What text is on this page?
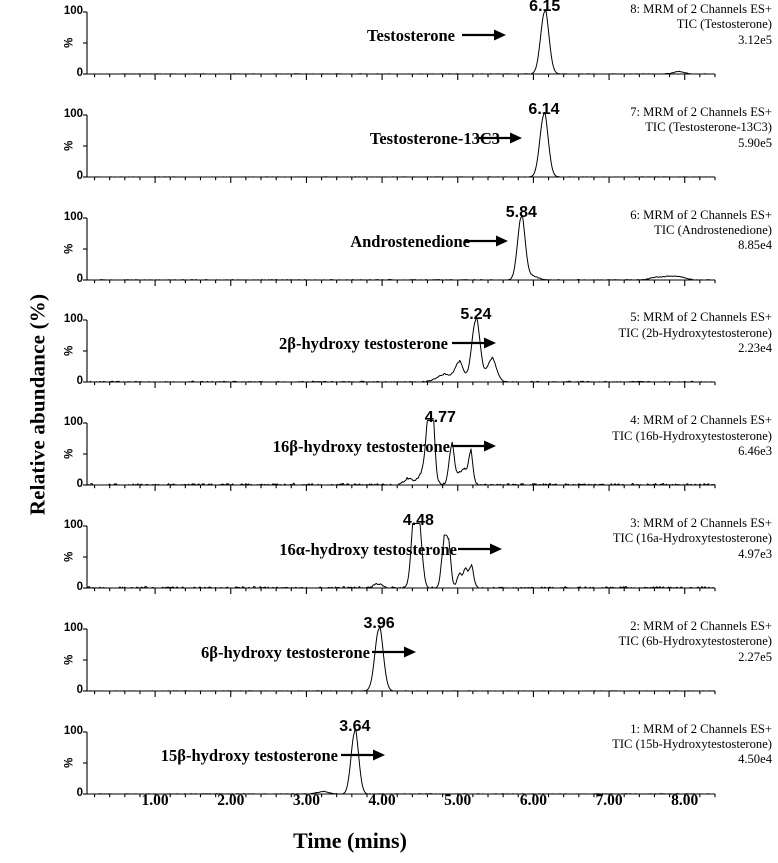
Relative abundance (%)
Time (mins)
100
0
%	Testosterone
6.15	8: MRM of 2 Channels ES+
TIC (Testosterone)
3.12e5
100
0
%	Testosterone-13C3
6.14	7: MRM of 2 Channels ES+
TIC (Testosterone-13C3)
5.90e5
100
0
%	Androstenedione
5.84	6: MRM of 2 Channels ES+
TIC (Androstenedione)
8.85e4
100
0
%	2β-hydroxy testosterone
5.24	5: MRM of 2 Channels ES+
TIC (2b-Hydroxytestosterone)
2.23e4
100
0
%	16β-hydroxy testosterone
4.77	4: MRM of 2 Channels ES+
TIC (16b-Hydroxytestosterone)
6.46e3
100
0
%	16α-hydroxy testosterone
4.48	3: MRM of 2 Channels ES+
TIC (16a-Hydroxytestosterone)
4.97e3
100
0
%	6β-hydroxy testosterone
3.96	2: MRM of 2 Channels ES+
TIC (6b-Hydroxytestosterone)
2.27e5
100
0
%	15β-hydroxy testosterone
3.64	1: MRM of 2 Channels ES+
TIC (15b-Hydroxytestosterone)
4.50e4
1.00	2.00	3.00	4.00	5.00	6.00	7.00	8.00
